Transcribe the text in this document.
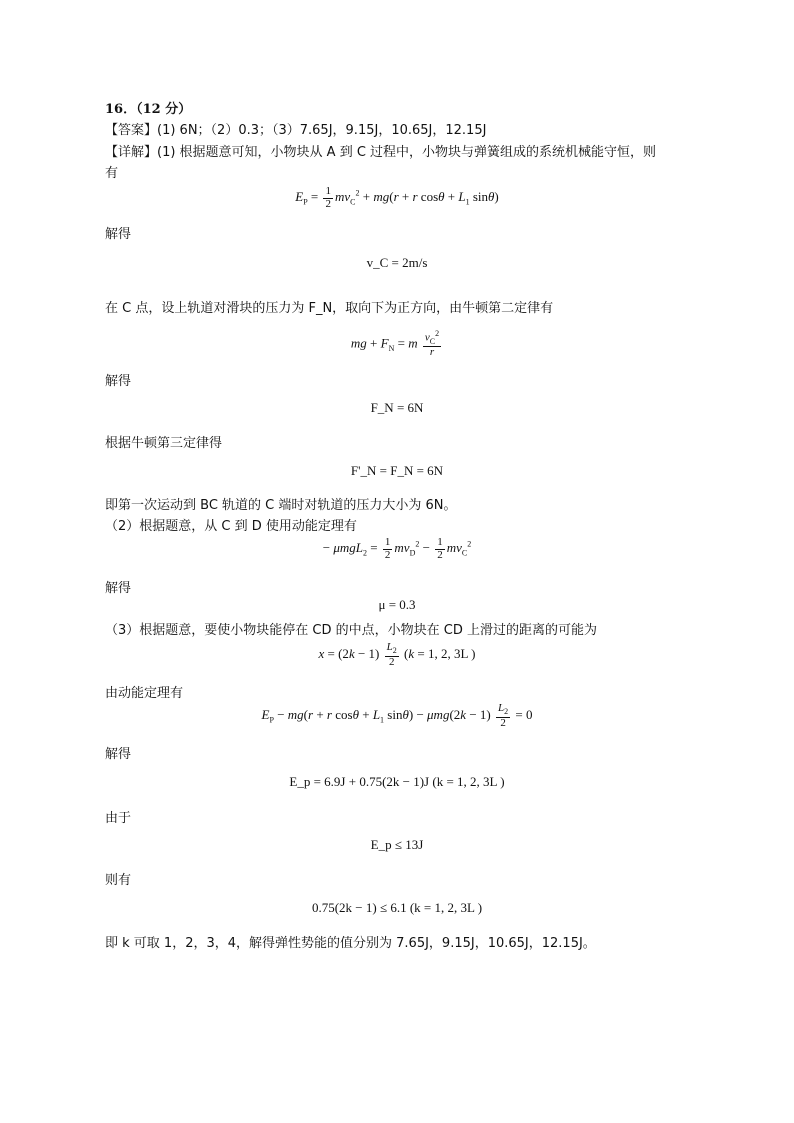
16．（12 分）
【答案】(1) 6N；（2）0.3；（3）7.65J，9.15J，10.65J，12.15J
【详解】(1) 根据题意可知，小物块从 A 到 C 过程中，小物块与弹簧组成的系统机械能守恒，则
有
$E_P = \frac{1}{2} mv_C^2 + mg(r + r$ $\cos\theta + L_1$ sinθ)
解得
v_C = 2m/s
在 C 点，设上轨道对滑块的压力为 F_N，取向下为正方向，由牛顿第二定律有
mg + $F_N = m \frac{v_C^2}{r}$
解得
F_N = 6N
根据牛顿第三定律得
F'_N = F_N = 6N
即第一次运动到 BC 轨道的 C 端时对轨道的压力大小为 6N。
（2）根据题意，从 C 到 D 使用动能定理有
− $\mu mgL_2 = \frac{1}{2} mv_D^2 - \frac{1}{2} mv_C^2$
解得
μ = 0.3
（3）根据题意，要使小物块能停在 CD 的中点，小物块在 CD 上滑过的距离的可能为
$x = (2k - 1) \frac{L_2}{2} (k = 1$, 2, 3L )
由动能定理有
$E_P - mg(r + r$ $\cos\theta + L_1$ $\sin\theta) - \mu mg(2k - 1) \frac{L_2}{2} = 0$
解得
E_p = 6.9J + 0.75(2k − 1)J (k = 1, 2, 3L )
由于
E_p ≤ 13J
则有
0.75(2k − 1) ≤ 6.1 (k = 1, 2, 3L )
即 k 可取 1，2，3，4，解得弹性势能的值分别为 7.65J，9.15J，10.65J，12.15J。
